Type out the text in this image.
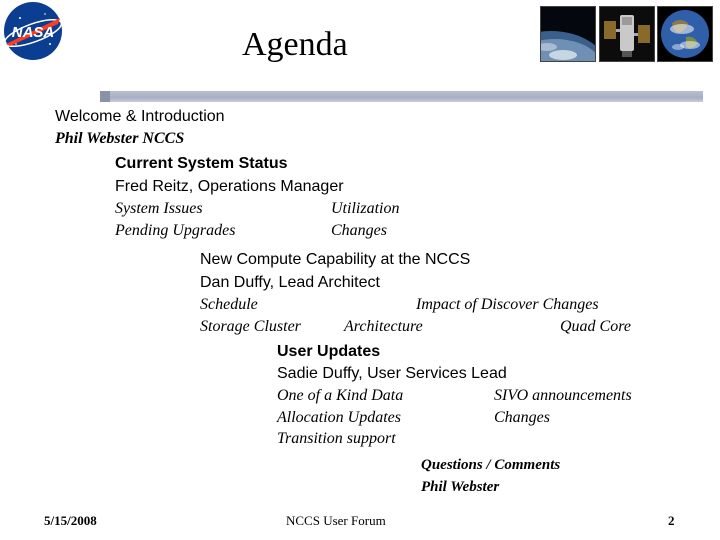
NASA	Agenda
Welcome & Introduction
Phil Webster NCCS
Current System Status
Fred Reitz, Operations Manager
System Issues	Utilization
Pending Upgrades	Changes
New Compute Capability at the NCCS
Dan Duffy, Lead Architect
Schedule	Impact of Discover Changes
Storage Cluster	Architecture	Quad Core
User Updates
Sadie Duffy, User Services Lead
One of a Kind Data	SIVO announcements
Allocation Updates	Changes
Transition support
Questions / Comments
Phil Webster
5/15/2008	NCCS User Forum	2
